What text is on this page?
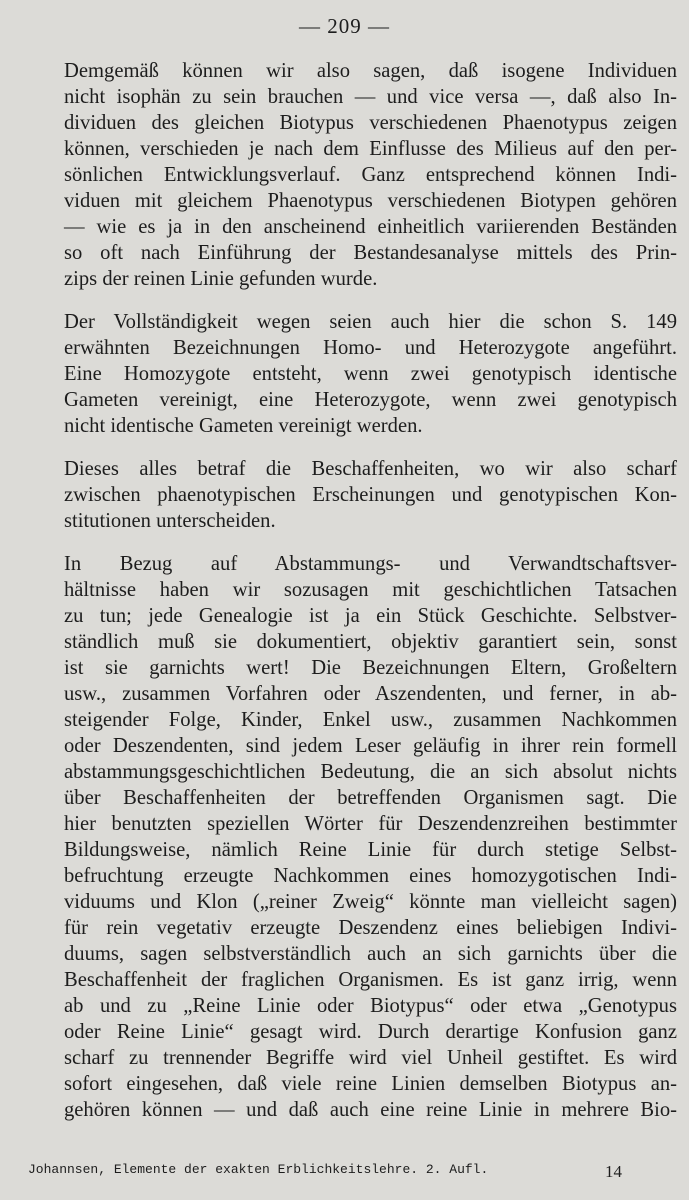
— 209 —
Demgemäß können wir also sagen, daß isogene Individuen
nicht isophän zu sein brauchen — und vice versa —, daß also In-
dividuen des gleichen Biotypus verschiedenen Phaenotypus zeigen
können, verschieden je nach dem Einflusse des Milieus auf den per-
sönlichen Entwicklungsverlauf. Ganz entsprechend können Indi-
viduen mit gleichem Phaenotypus verschiedenen Biotypen gehören
— wie es ja in den anscheinend einheitlich variierenden Beständen
so oft nach Einführung der Bestandesanalyse mittels des Prin-
zips der reinen Linie gefunden wurde.
Der Vollständigkeit wegen seien auch hier die schon S. 149
erwähnten Bezeichnungen Homo- und Heterozygote angeführt.
Eine Homozygote entsteht, wenn zwei genotypisch identische
Gameten vereinigt, eine Heterozygote, wenn zwei genotypisch
nicht identische Gameten vereinigt werden.
Dieses alles betraf die Beschaffenheiten, wo wir also scharf
zwischen phaenotypischen Erscheinungen und genotypischen Kon-
stitutionen unterscheiden.
In Bezug auf Abstammungs- und Verwandtschaftsver-
hältnisse haben wir sozusagen mit geschichtlichen Tatsachen
zu tun; jede Genealogie ist ja ein Stück Geschichte. Selbstver-
ständlich muß sie dokumentiert, objektiv garantiert sein, sonst
ist sie garnichts wert! Die Bezeichnungen Eltern, Großeltern
usw., zusammen Vorfahren oder Aszendenten, und ferner, in ab-
steigender Folge, Kinder, Enkel usw., zusammen Nachkommen
oder Deszendenten, sind jedem Leser geläufig in ihrer rein formell
abstammungsgeschichtlichen Bedeutung, die an sich absolut nichts
über Beschaffenheiten der betreffenden Organismen sagt. Die
hier benutzten speziellen Wörter für Deszendenzreihen bestimmter
Bildungsweise, nämlich Reine Linie für durch stetige Selbst-
befruchtung erzeugte Nachkommen eines homozygotischen Indi-
viduums und Klon („reiner Zweig“ könnte man vielleicht sagen)
für rein vegetativ erzeugte Deszendenz eines beliebigen Indivi-
duums, sagen selbstverständlich auch an sich garnichts über die
Beschaffenheit der fraglichen Organismen. Es ist ganz irrig, wenn
ab und zu „Reine Linie oder Biotypus“ oder etwa „Genotypus
oder Reine Linie“ gesagt wird. Durch derartige Konfusion ganz
scharf zu trennender Begriffe wird viel Unheil gestiftet. Es wird
sofort eingesehen, daß viele reine Linien demselben Biotypus an-
gehören können — und daß auch eine reine Linie in mehrere Bio-
Johannsen, Elemente der exakten Erblichkeitslehre. 2. Aufl.	14
